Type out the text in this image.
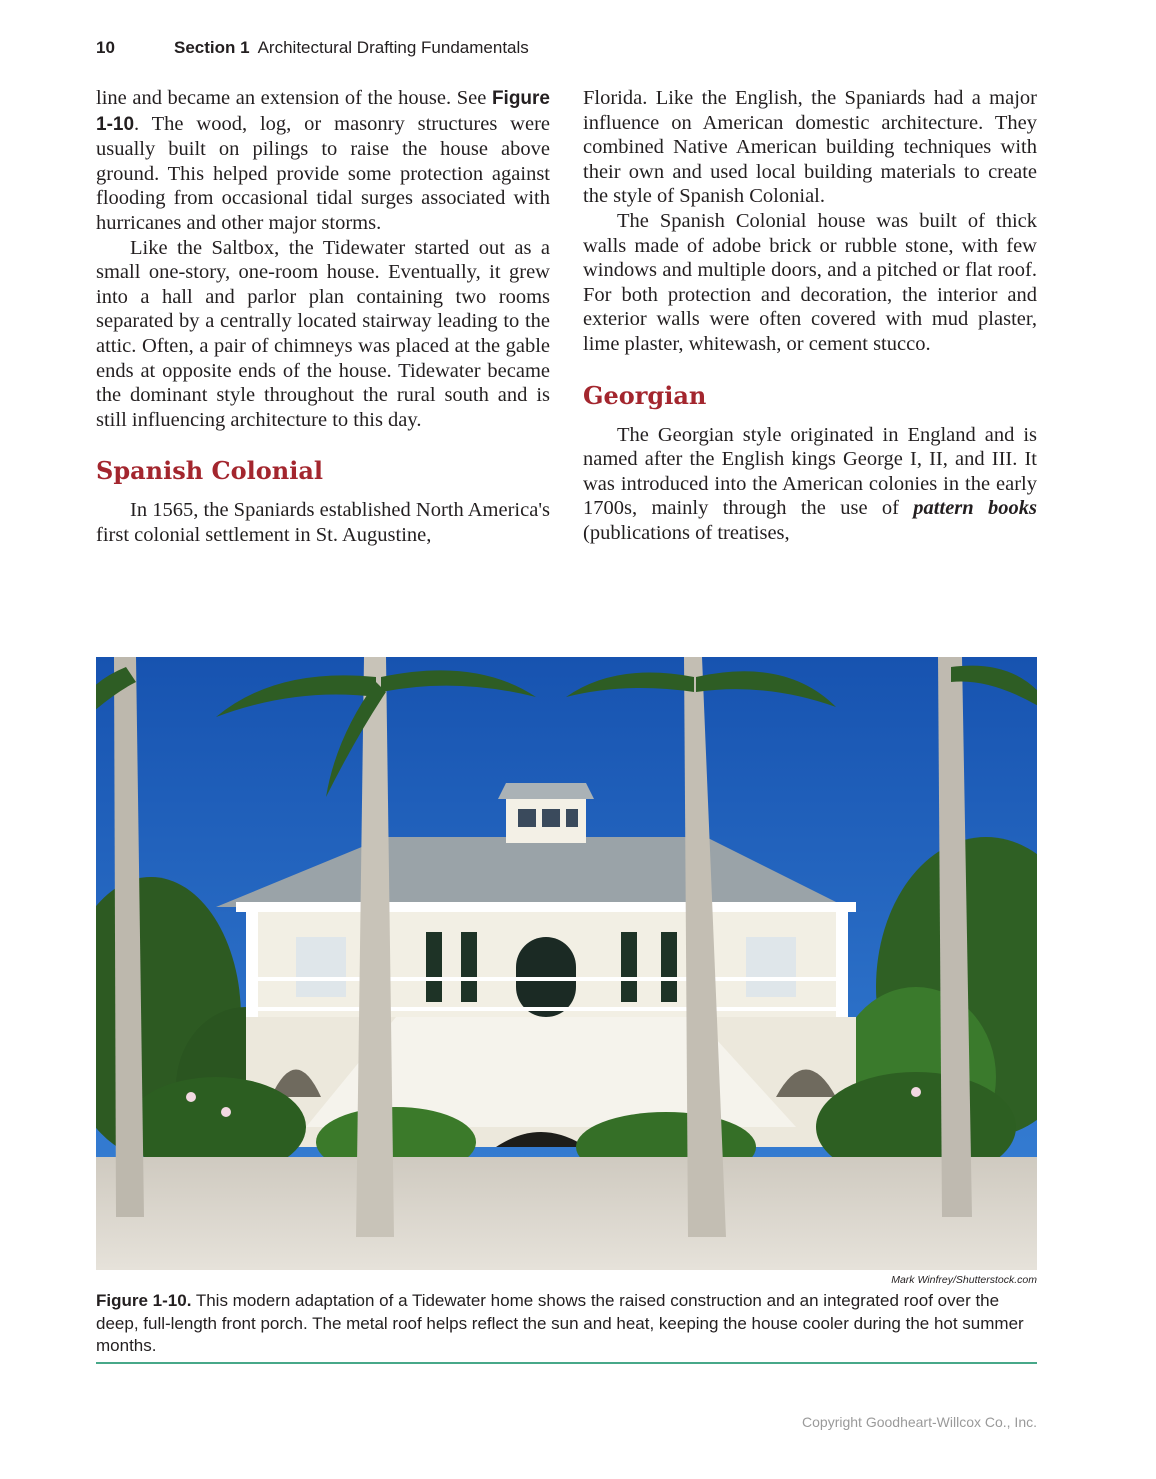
10	Section 1 Architectural Drafting Fundamentals

line and became an extension of the house. See Figure 1-10. The wood, log, or masonry structures were usually built on pilings to raise the house above ground. This helped provide some protection against flooding from occasional tidal surges associated with hurricanes and other major storms.

Like the Saltbox, the Tidewater started out as a small one-story, one-room house. Eventually, it grew into a hall and parlor plan containing two rooms separated by a centrally located stairway leading to the attic. Often, a pair of chimneys was placed at the gable ends at opposite ends of the house. Tidewater became the dominant style throughout the rural south and is still influencing architecture to this day.

Spanish Colonial

In 1565, the Spaniards established North America's first colonial settlement in St. Augustine,

Florida. Like the English, the Spaniards had a major influence on American domestic architecture. They combined Native American building techniques with their own and used local building materials to create the style of Spanish Colonial.

The Spanish Colonial house was built of thick walls made of adobe brick or rubble stone, with few windows and multiple doors, and a pitched or flat roof. For both protection and decoration, the interior and exterior walls were often covered with mud plaster, lime plaster, whitewash, or cement stucco.

Georgian

The Georgian style originated in England and is named after the English kings George I, II, and III. It was introduced into the American colonies in the early 1700s, mainly through the use of pattern books (publications of treatises,

Mark Winfrey/Shutterstock.com
Figure 1-10. This modern adaptation of a Tidewater home shows the raised construction and an integrated roof over the deep, full-length front porch. The metal roof helps reflect the sun and heat, keeping the house cooler during the hot summer months.
Copyright Goodheart-Willcox Co., Inc.
